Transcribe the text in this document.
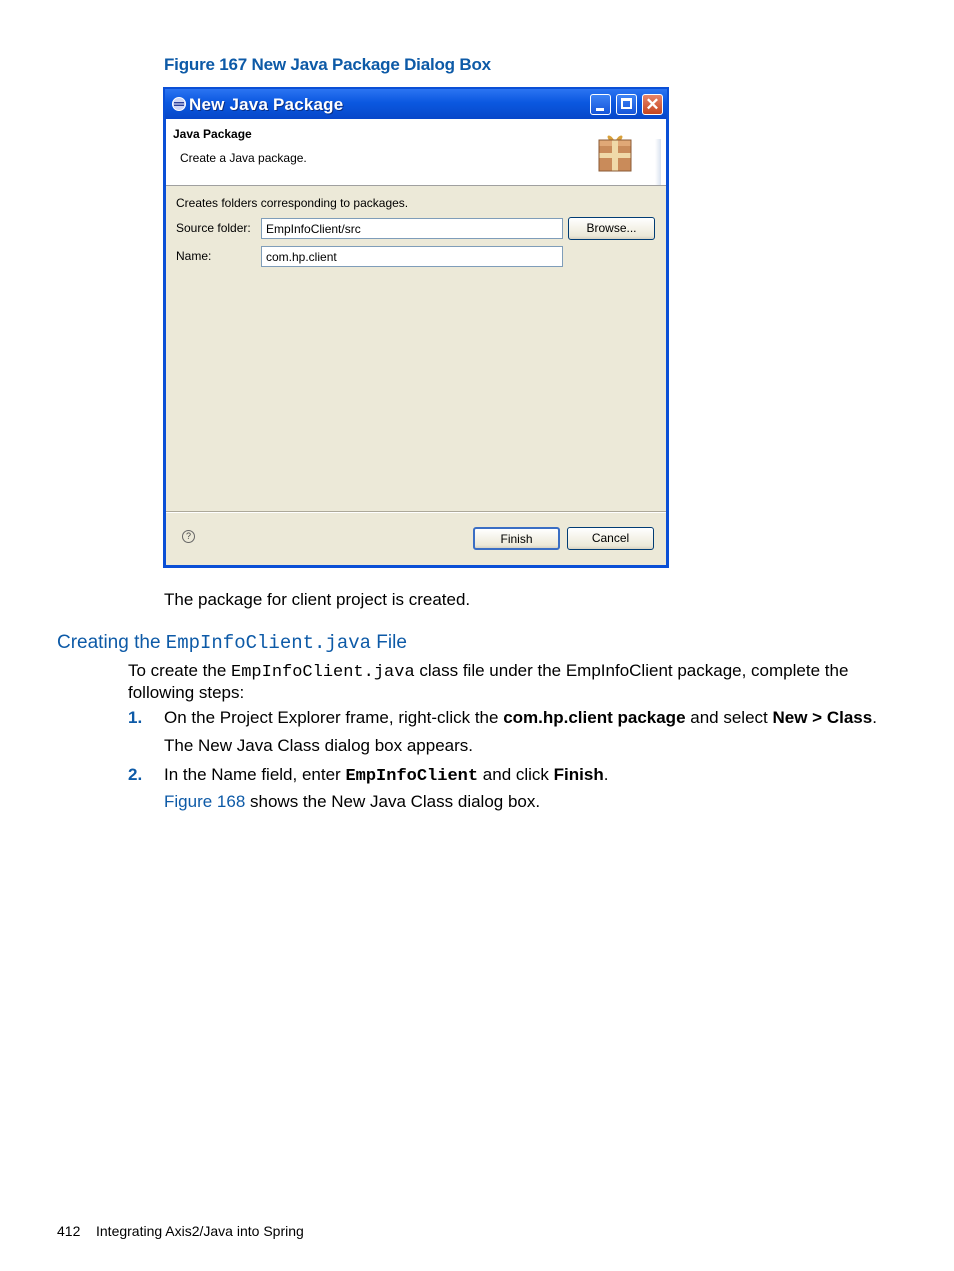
Figure 167 New Java Package Dialog Box
New Java Package	✕
Java Package
Create a Java package.
Creates folders corresponding to packages.
Source folder:	EmpInfoClient/src	Browse...
Name:	com.hp.client
?	Finish	Cancel
The package for client project is created.
Creating the EmpInfoClient.java File
To create the EmpInfoClient.java class file under the EmpInfoClient package, complete the
following steps:
1. On the Project Explorer frame, right-click the com.hp.client package and select New > Class.
The New Java Class dialog box appears.
2. In the Name field, enter EmpInfoClient and click Finish.
Figure 168 shows the New Java Class dialog box.
412 Integrating Axis2/Java into Spring
